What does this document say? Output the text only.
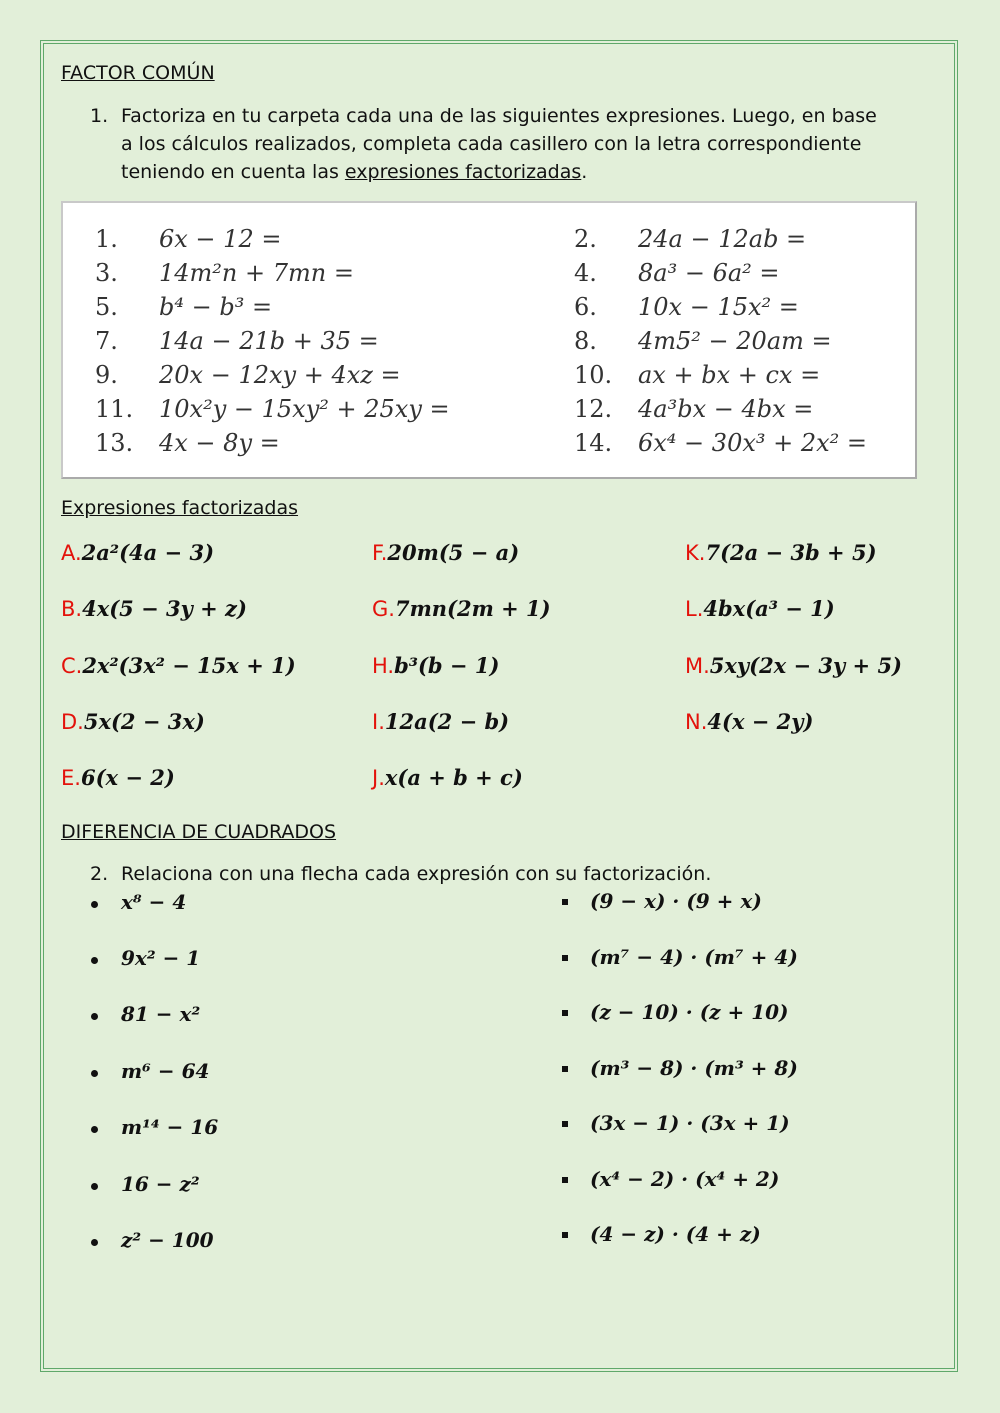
FACTOR COMÚN
1. Factoriza en tu carpeta cada una de las siguientes expresiones. Luego, en base
a los cálculos realizados, completa cada casillero con la letra correspondiente
teniendo en cuenta las expresiones factorizadas.
1. 6x − 12 =	2. 24a − 12ab =
3. 14m²n + 7mn =	4. 8a³ − 6a² =
5. b⁴ − b³ =	6. 10x − 15x² =
7. 14a − 21b + 35 =	8. 4m5² − 20am =
9. 20x − 12xy + 4xz =	10. ax + bx + cx =
11. 10x²y − 15xy² + 25xy =	12. 4a³bx − 4bx =
13. 4x − 8y =	14. 6x⁴ − 30x³ + 2x² =
Expresiones factorizadas
A.2a²(4a − 3)	F.20m(5 − a)	K.7(2a − 3b + 5)
B.4x(5 − 3y + z)	G.7mn(2m + 1)	L.4bx(a³ − 1)
C.2x²(3x² − 15x + 1)	H.b³(b − 1)	M.5xy(2x − 3y + 5)
D.5x(2 − 3x)	I.12a(2 − b)	N.4(x − 2y)
E.6(x − 2)	J.x(a + b + c)
DIFERENCIA DE CUADRADOS
2. Relaciona con una flecha cada expresión con su factorización.
x⁸ − 4
9x² − 1
81 − x²
m⁶ − 64
m¹⁴ − 16
16 − z²
z² − 100
(9 − x) · (9 + x)
(m⁷ − 4) · (m⁷ + 4)
(z − 10) · (z + 10)
(m³ − 8) · (m³ + 8)
(3x − 1) · (3x + 1)
(x⁴ − 2) · (x⁴ + 2)
(4 − z) · (4 + z)
